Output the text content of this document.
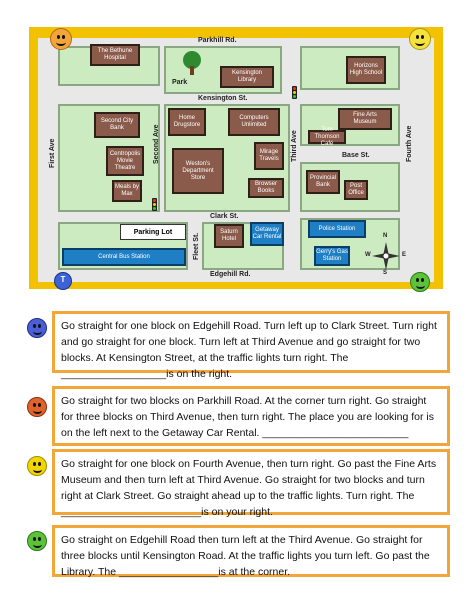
The Bethune Hospital
Park
Kensington Library
Horizons High School
Second City Bank
Centropolis Movie Theatre
Meals by Max
Home Drugstore
Computers Unlimited
Weston's Department Store
Mirage Travels
Browser Books
Fine Arts Museum
Tom Thomson Café
Provincial Bank	Post Office
Parking Lot
Central Bus Station
Saturn Hotel
Getaway Car Rental
Police Station
Gerry's Gas Station
Parkhill Rd.
Kensington St.
Base St.
Clark St.
Edgehill Rd.
First Ave	Second Ave	Third Ave	Fourth Ave
Fleet St.	N
S
W	E
T
Go straight for one block on Edgehill Road. Turn left up to Clark Street. Turn right and go straight for one block. Turn left at Third Avenue and go straight for two blocks. At Kensington Street, at the traffic lights turn right. The __________________is on the right.
Go straight for two blocks on Parkhill Road. At the corner turn right. Go straight for three blocks on Third Avenue, then turn right. The place you are looking for is on the left next to the Getaway Car Rental. _________________________
Go straight for one block on Fourth Avenue, then turn right. Go past the Fine Arts Museum and then turn left at Third Avenue. Go straight for two blocks and turn right at Clark Street. Go straight ahead up to the traffic lights. Turn right. The ________________________is on your right.
Go straight on Edgehill Road then turn left at the Third Avenue. Go straight for three blocks until Kensington Road. At the traffic lights you turn left. Go past the Library. The _________________is at the corner.
